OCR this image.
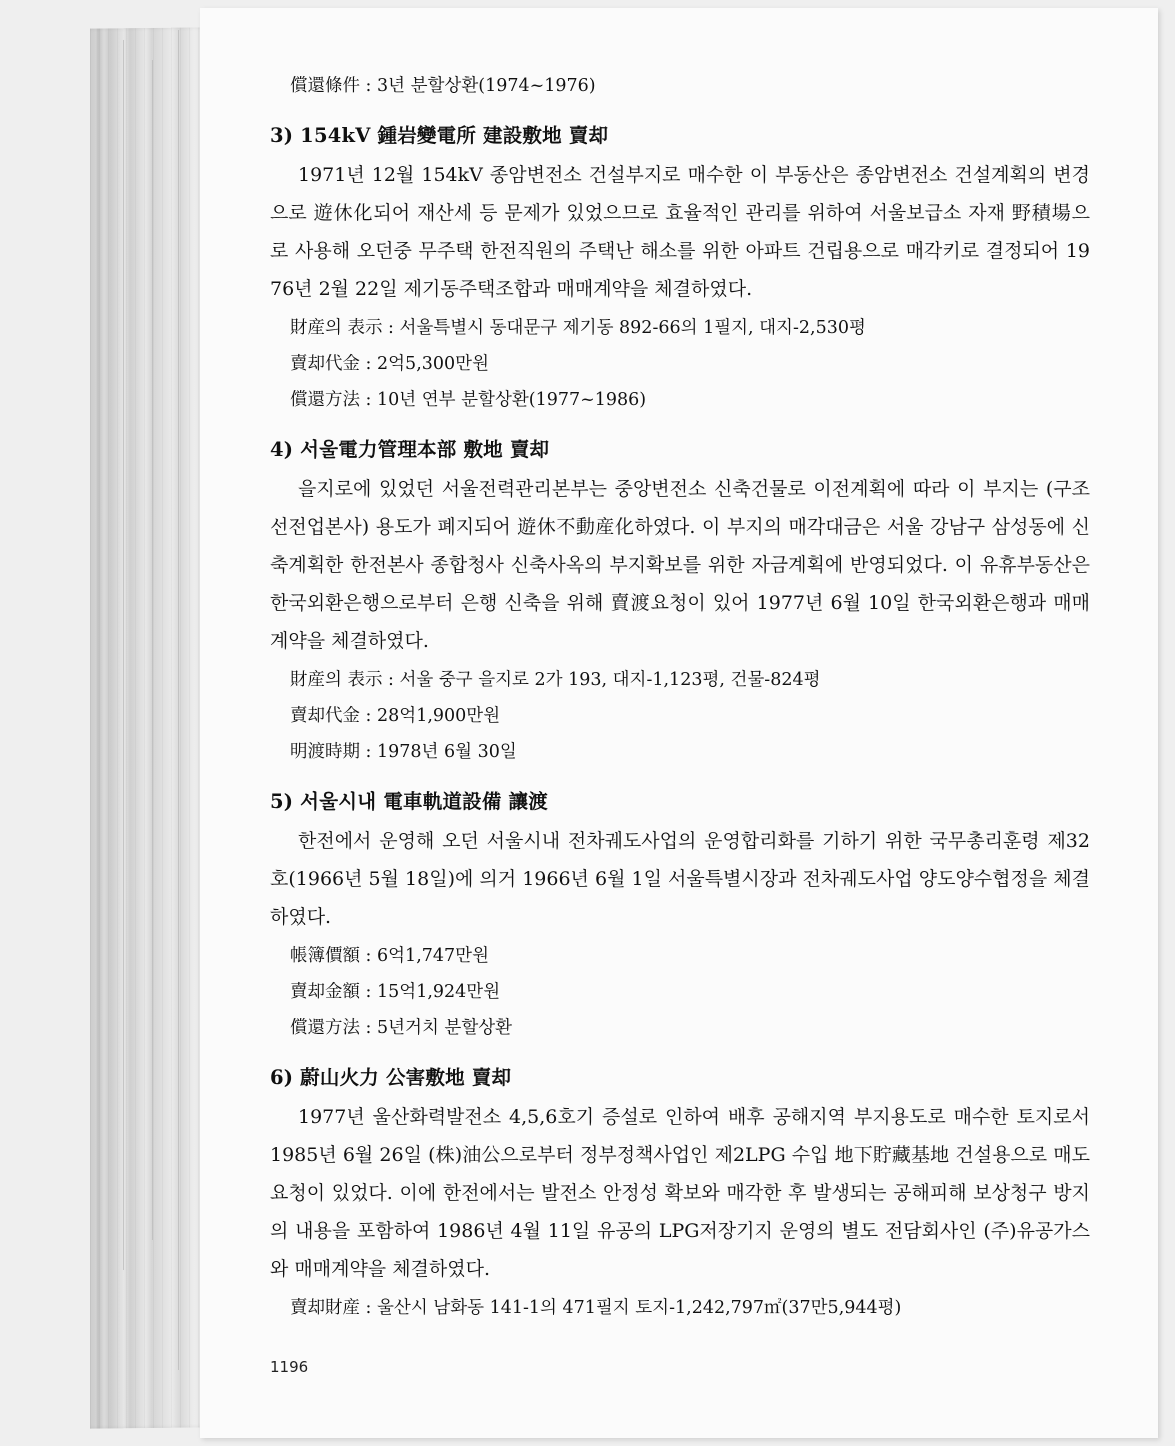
償還條件 : 3년 분할상환(1974~1976)
3) 154kV 鍾岩變電所 建設敷地 賣却
1971년 12월 154kV 종암변전소 건설부지로 매수한 이 부동산은 종암변전소 건설계획의 변경으로 遊休化되어 재산세 등 문제가 있었으므로 효율적인 관리를 위하여 서울보급소 자재 野積場으로 사용해 오던중 무주택 한전직원의 주택난 해소를 위한 아파트 건립용으로 매각키로 결정되어 1976년 2월 22일 제기동주택조합과 매매계약을 체결하였다.
財産의 表示 : 서울특별시 동대문구 제기동 892-66의 1필지, 대지-2,530평
賣却代金 : 2억5,300만원
償還方法 : 10년 연부 분할상환(1977~1986)
4) 서울電力管理本部 敷地 賣却
을지로에 있었던 서울전력관리본부는 중앙변전소 신축건물로 이전계획에 따라 이 부지는 (구조선전업본사) 용도가 폐지되어 遊休不動産化하였다. 이 부지의 매각대금은 서울 강남구 삼성동에 신축계획한 한전본사 종합청사 신축사옥의 부지확보를 위한 자금계획에 반영되었다. 이 유휴부동산은 한국외환은행으로부터 은행 신축을 위해 賣渡요청이 있어 1977년 6월 10일 한국외환은행과 매매계약을 체결하였다.
財産의 表示 : 서울 중구 을지로 2가 193, 대지-1,123평, 건물-824평
賣却代金 : 28억1,900만원
明渡時期 : 1978년 6월 30일
5) 서울시내 電車軌道設備 讓渡
한전에서 운영해 오던 서울시내 전차궤도사업의 운영합리화를 기하기 위한 국무총리훈령 제32호(1966년 5월 18일)에 의거 1966년 6월 1일 서울특별시장과 전차궤도사업 양도양수협정을 체결하였다.
帳簿價額 : 6억1,747만원
賣却金額 : 15억1,924만원
償還方法 : 5년거치 분할상환
6) 蔚山火力 公害敷地 賣却
1977년 울산화력발전소 4,5,6호기 증설로 인하여 배후 공해지역 부지용도로 매수한 토지로서 1985년 6월 26일 (株)油公으로부터 정부정책사업인 제2LPG 수입 地下貯藏基地 건설용으로 매도요청이 있었다. 이에 한전에서는 발전소 안정성 확보와 매각한 후 발생되는 공해피해 보상청구 방지의 내용을 포함하여 1986년 4월 11일 유공의 LPG저장기지 운영의 별도 전담회사인 (주)유공가스와 매매계약을 체결하였다.
賣却財産 : 울산시 남화동 141-1의 471필지 토지-1,242,797㎡(37만5,944평)
1196
